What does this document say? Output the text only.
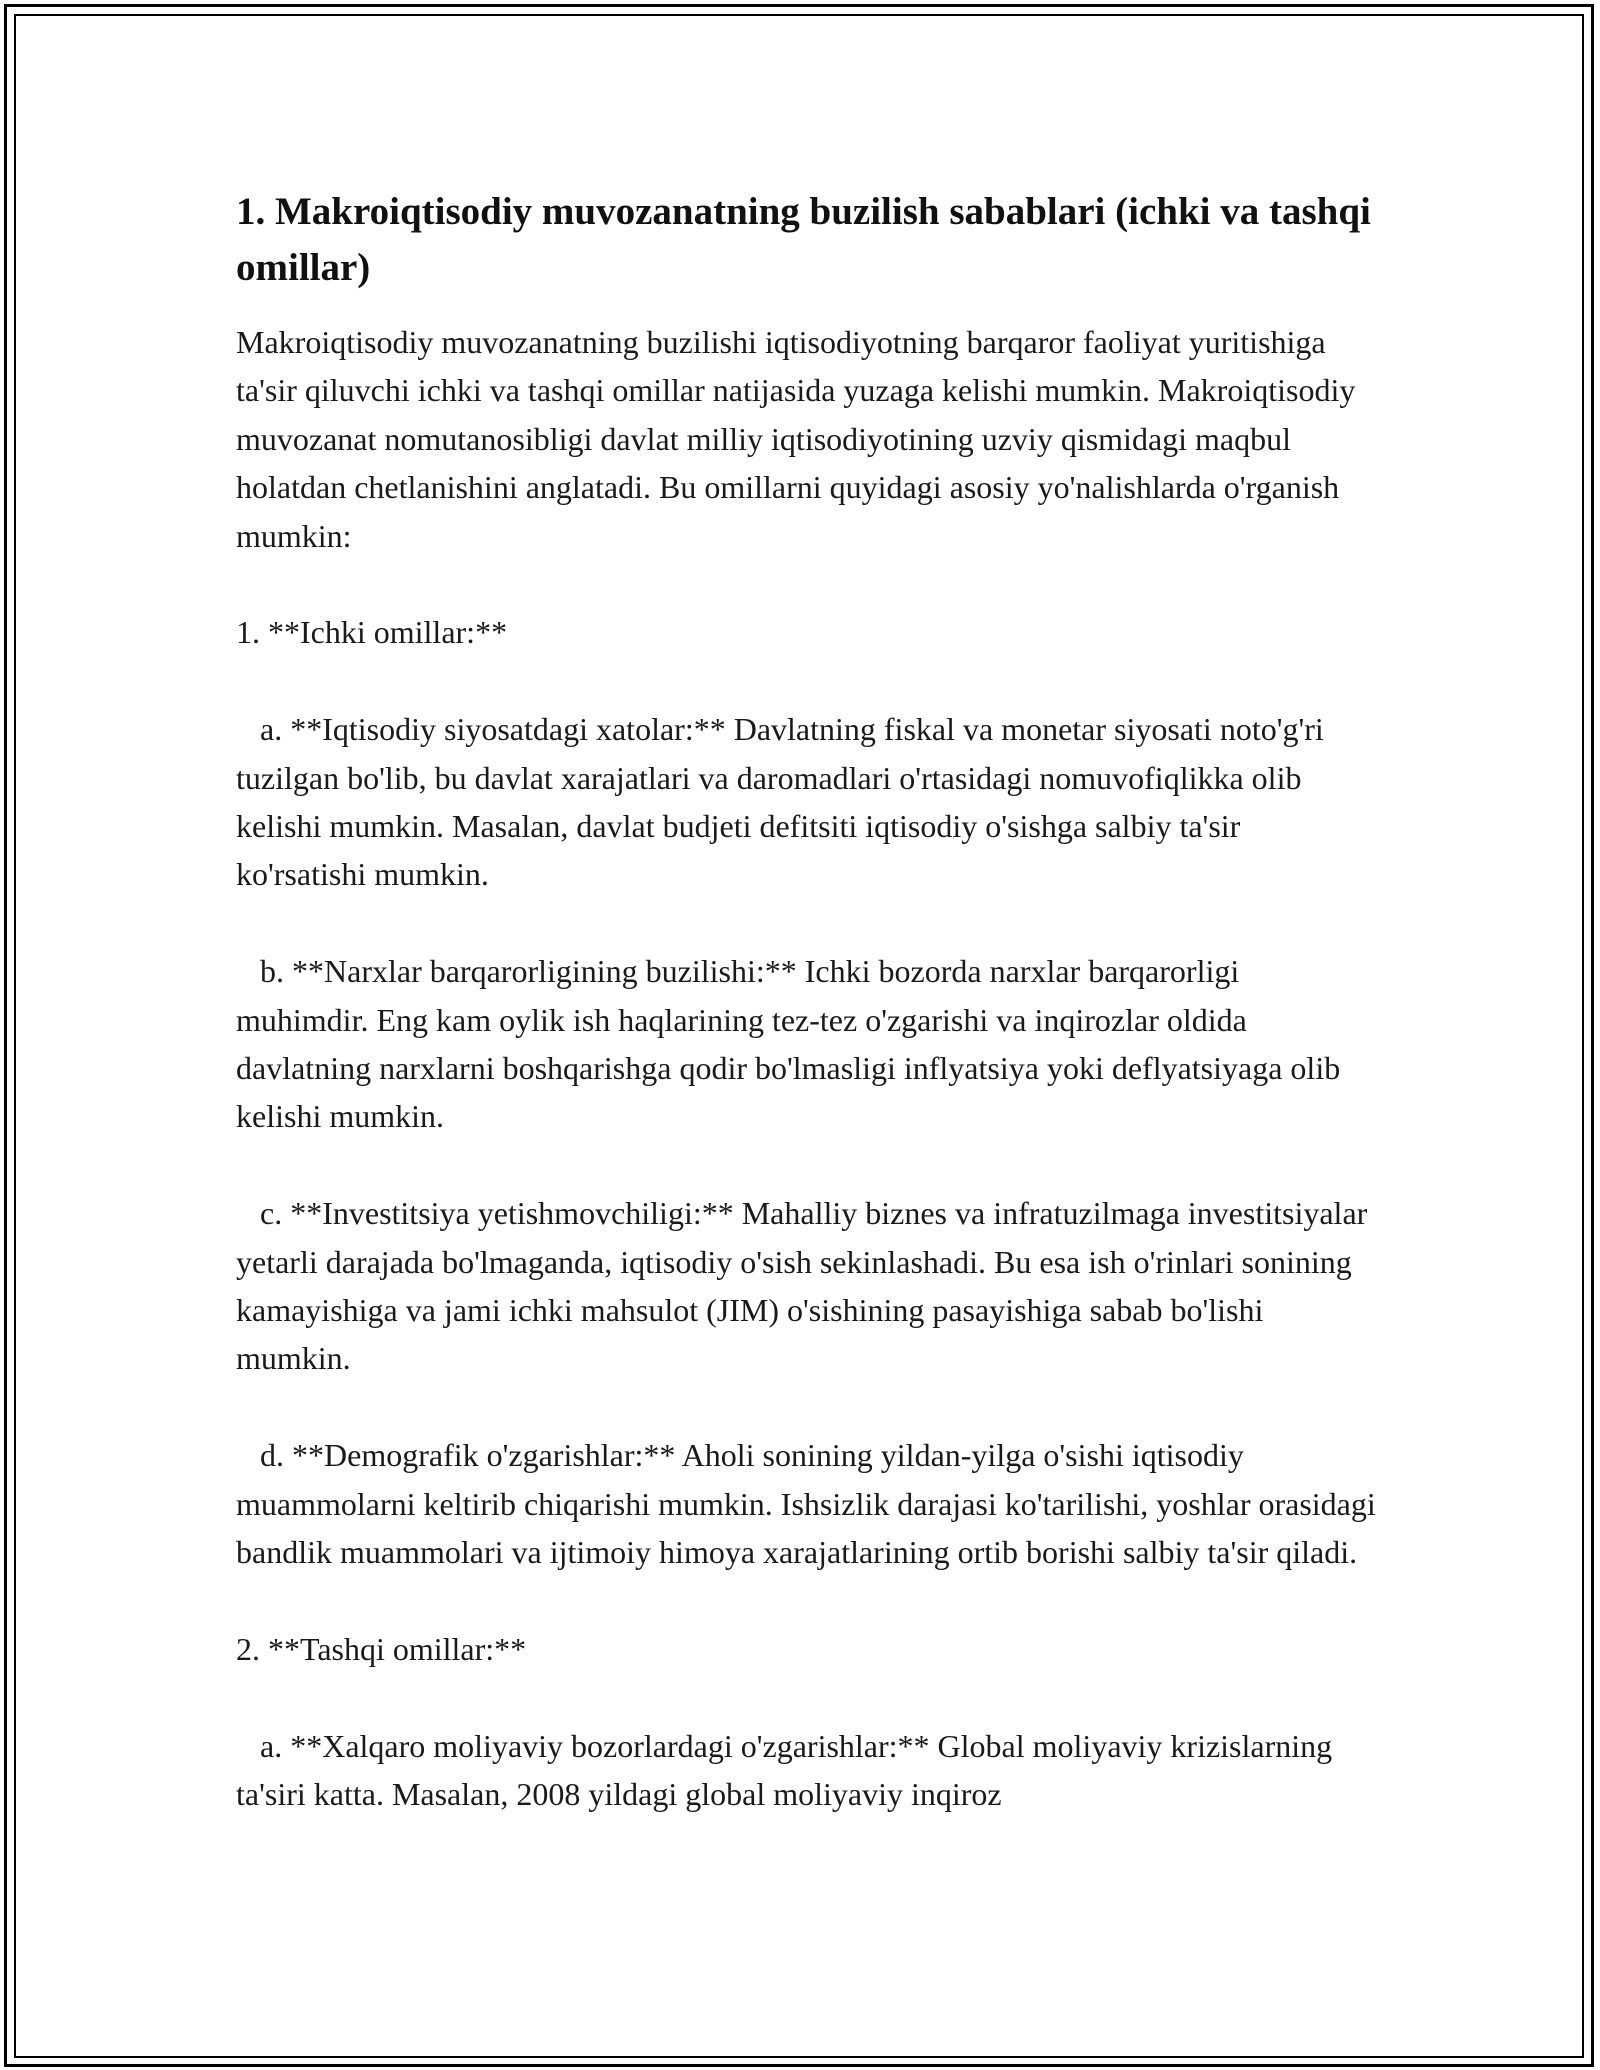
1. Makroiqtisodiy muvozanatning buzilish sabablari (ichki va tashqi omillar)

Makroiqtisodiy muvozanatning buzilishi iqtisodiyotning barqaror faoliyat yuritishiga ta'sir qiluvchi ichki va tashqi omillar natijasida yuzaga kelishi mumkin. Makroiqtisodiy muvozanat nomutanosibligi davlat milliy iqtisodiyotining uzviy qismidagi maqbul holatdan chetlanishini anglatadi. Bu omillarni quyidagi asosiy yo'nalishlarda o'rganish mumkin:

1. **Ichki omillar:**

a. **Iqtisodiy siyosatdagi xatolar:** Davlatning fiskal va monetar siyosati noto'g'ri tuzilgan bo'lib, bu davlat xarajatlari va daromadlari o'rtasidagi nomuvofiqlikka olib kelishi mumkin. Masalan, davlat budjeti defitsiti iqtisodiy o'sishga salbiy ta'sir ko'rsatishi mumkin.

b. **Narxlar barqarorligining buzilishi:** Ichki bozorda narxlar barqarorligi muhimdir. Eng kam oylik ish haqlarining tez-tez o'zgarishi va inqirozlar oldida davlatning narxlarni boshqarishga qodir bo'lmasligi inflyatsiya yoki deflyatsiyaga olib kelishi mumkin.

c. **Investitsiya yetishmovchiligi:** Mahalliy biznes va infratuzilmaga investitsiyalar yetarli darajada bo'lmaganda, iqtisodiy o'sish sekinlashadi. Bu esa ish o'rinlari sonining kamayishiga va jami ichki mahsulot (JIM) o'sishining pasayishiga sabab bo'lishi mumkin.

d. **Demografik o'zgarishlar:** Aholi sonining yildan-yilga o'sishi iqtisodiy muammolarni keltirib chiqarishi mumkin. Ishsizlik darajasi ko'tarilishi, yoshlar orasidagi bandlik muammolari va ijtimoiy himoya xarajatlarining ortib borishi salbiy ta'sir qiladi.

2. **Tashqi omillar:**

a. **Xalqaro moliyaviy bozorlardagi o'zgarishlar:** Global moliyaviy krizislarning ta'siri katta. Masalan, 2008 yildagi global moliyaviy inqiroz
